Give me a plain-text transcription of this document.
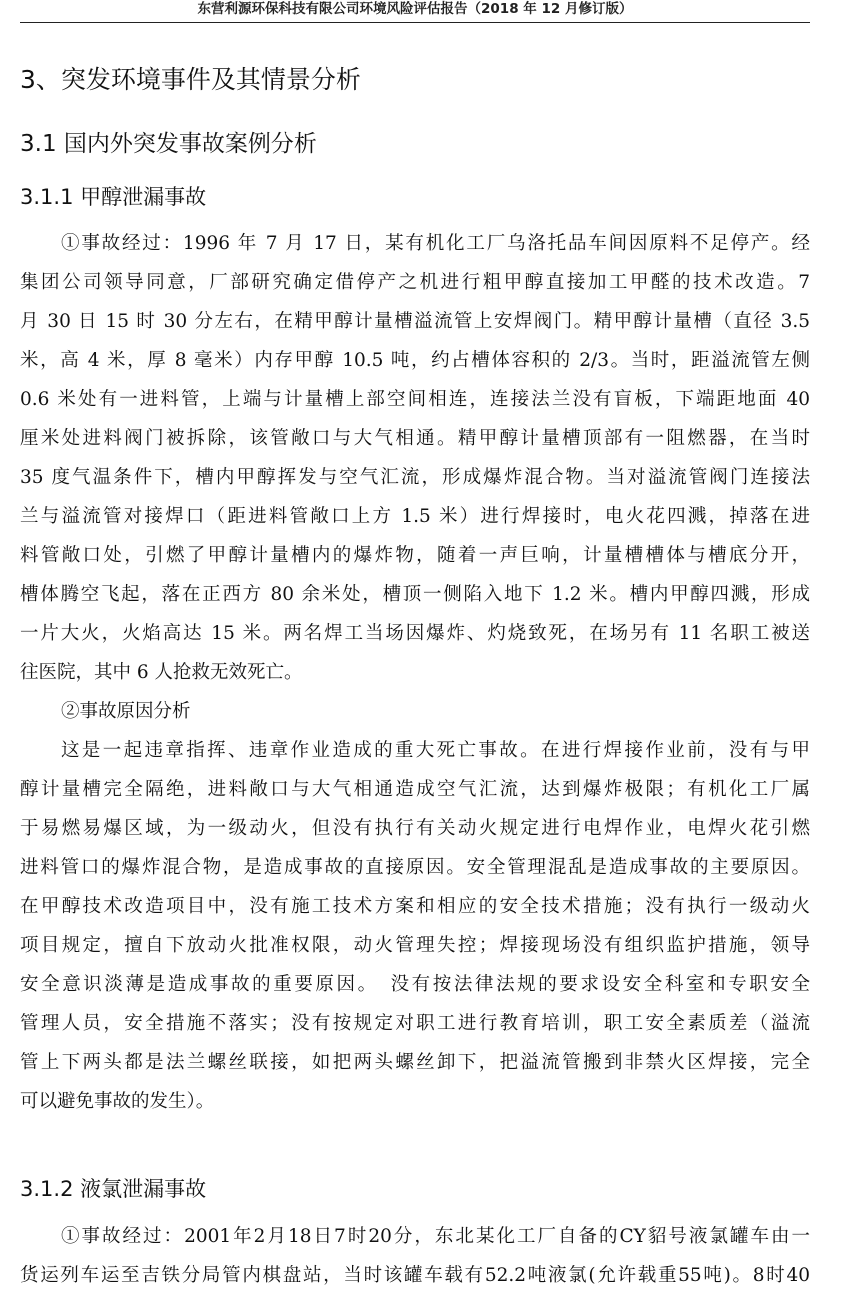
东营利源环保科技有限公司环境风险评估报告（2018 年 12 月修订版）
3、突发环境事件及其情景分析
3.1 国内外突发事故案例分析
3.1.1 甲醇泄漏事故
①事故经过：1996 年 7 月 17 日，某有机化工厂乌洛托品车间因原料不足停产。经
集团公司领导同意，厂部研究确定借停产之机进行粗甲醇直接加工甲醛的技术改造。7
月 30 日 15 时 30 分左右，在精甲醇计量槽溢流管上安焊阀门。精甲醇计量槽（直径 3.5
米，高 4 米，厚 8 毫米）内存甲醇 10.5 吨，约占槽体容积的 2/3。当时，距溢流管左侧
0.6 米处有一进料管，上端与计量槽上部空间相连，连接法兰没有盲板，下端距地面 40
厘米处进料阀门被拆除，该管敞口与大气相通。精甲醇计量槽顶部有一阻燃器，在当时
35 度气温条件下，槽内甲醇挥发与空气汇流，形成爆炸混合物。当对溢流管阀门连接法
兰与溢流管对接焊口（距进料管敞口上方 1.5 米）进行焊接时，电火花四溅，掉落在进
料管敞口处，引燃了甲醇计量槽内的爆炸物，随着一声巨响，计量槽槽体与槽底分开，
槽体腾空飞起，落在正西方 80 余米处，槽顶一侧陷入地下 1.2 米。槽内甲醇四溅，形成
一片大火，火焰高达 15 米。两名焊工当场因爆炸、灼烧致死，在场另有 11 名职工被送
往医院，其中 6 人抢救无效死亡。
②事故原因分析
这是一起违章指挥、违章作业造成的重大死亡事故。在进行焊接作业前，没有与甲
醇计量槽完全隔绝，进料敞口与大气相通造成空气汇流，达到爆炸极限；有机化工厂属
于易燃易爆区域，为一级动火，但没有执行有关动火规定进行电焊作业，电焊火花引燃
进料管口的爆炸混合物，是造成事故的直接原因。安全管理混乱是造成事故的主要原因。
在甲醇技术改造项目中，没有施工技术方案和相应的安全技术措施；没有执行一级动火
项目规定，擅自下放动火批准权限，动火管理失控；焊接现场没有组织监护措施，领导
安全意识淡薄是造成事故的重要原因。　没有按法律法规的要求设安全科室和专职安全
管理人员，安全措施不落实；没有按规定对职工进行教育培训，职工安全素质差（溢流
管上下两头都是法兰螺丝联接，如把两头螺丝卸下，把溢流管搬到非禁火区焊接，完全
可以避免事故的发生）。
3.1.2 液氯泄漏事故
①事故经过：2001年2月18日7时20分，东北某化工厂自备的CY貂号液氯罐车由一
货运列车运至吉铁分局管内棋盘站，当时该罐车载有52.2吨液氯(允许载重55吨)。8时40
